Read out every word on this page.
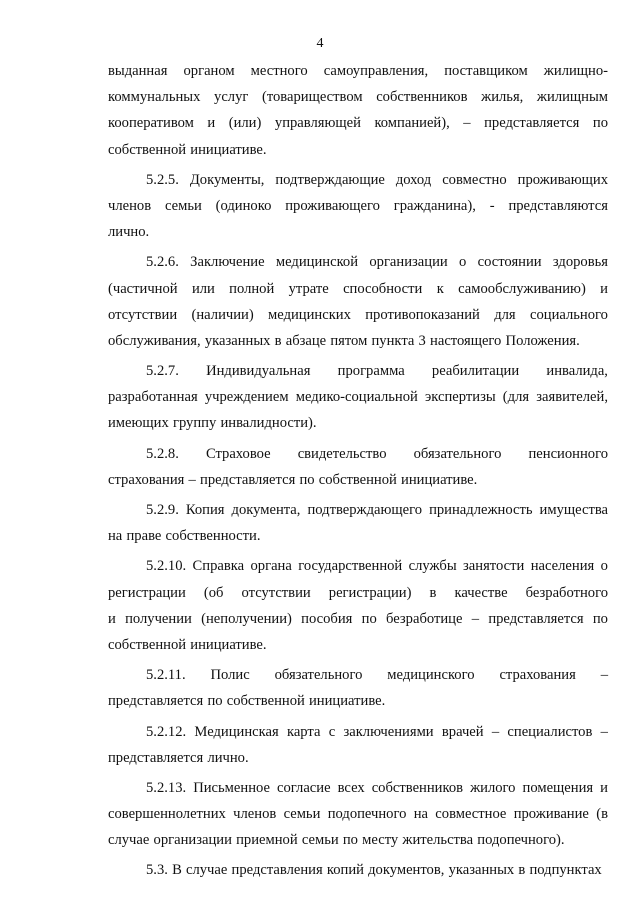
4
выданная органом местного самоуправления, поставщиком жилищно-
коммунальных услуг (товариществом собственников жилья, жилищным
кооперативом и (или) управляющей компанией), – представляется по
собственной инициативе.
5.2.5. Документы, подтверждающие доход совместно проживающих
членов семьи (одиноко проживающего гражданина), - представляются
лично.
5.2.6. Заключение медицинской организации о состоянии здоровья
(частичной или полной утрате способности к самообслуживанию) и
отсутствии (наличии) медицинских противопоказаний для социального
обслуживания, указанных в абзаце пятом пункта 3 настоящего Положения.
5.2.7. Индивидуальная программа реабилитации инвалида,
разработанная учреждением медико-социальной экспертизы (для заявителей,
имеющих группу инвалидности).
5.2.8. Страховое свидетельство обязательного пенсионного
страхования – представляется по собственной инициативе.
5.2.9. Копия документа, подтверждающего принадлежность имущества
на праве собственности.
5.2.10. Справка органа государственной службы занятости населения о
регистрации (об отсутствии регистрации) в качестве безработного
и получении (неполучении) пособия по безработице – представляется по
собственной инициативе.
5.2.11. Полис обязательного медицинского страхования –
представляется по собственной инициативе.
5.2.12. Медицинская карта с заключениями врачей – специалистов –
представляется лично.
5.2.13. Письменное согласие всех собственников жилого помещения и
совершеннолетних членов семьи подопечного на совместное проживание (в
случае организации приемной семьи по месту жительства подопечного).
5.3. В случае представления копий документов, указанных в подпунктах
